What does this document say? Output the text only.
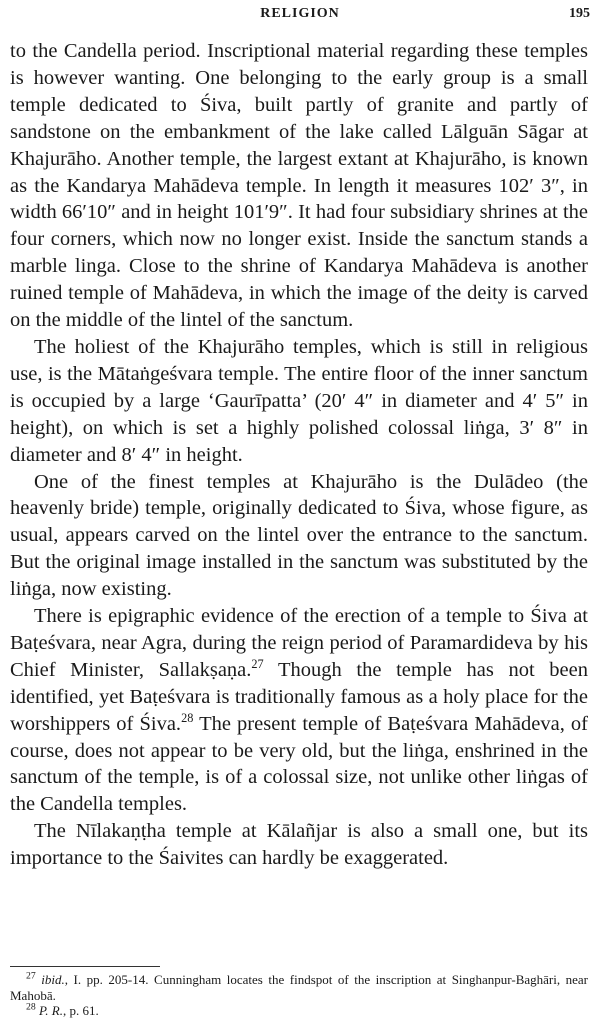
RELIGION	195

to the Candella period. Inscriptional material regarding these temples is however wanting. One belonging to the early group is a small temple dedicated to Śiva, built partly of granite and partly of sandstone on the embankment of the lake called Lālguān Sāgar at Khajurāho. Another temple, the largest extant at Khajurāho, is known as the Kandarya Mahādeva temple. In length it measures 102′ 3″, in width 66′10″ and in height 101′9″. It had four subsidiary shrines at the four corners, which now no longer exist. Inside the sanctum stands a marble linga. Close to the shrine of Kandarya Mahādeva is another ruined temple of Mahādeva, in which the image of the deity is carved on the middle of the lintel of the sanctum.

The holiest of the Khajurāho temples, which is still in religious use, is the Mātaṅgeśvara temple. The entire floor of the inner sanctum is occupied by a large ‘Gaurīpatta’ (20′ 4″ in diameter and 4′ 5″ in height), on which is set a highly polished colossal liṅga, 3′ 8″ in diameter and 8′ 4″ in height.

One of the finest temples at Khajurāho is the Dulādeo (the heavenly bride) temple, originally dedicated to Śiva, whose figure, as usual, appears carved on the lintel over the entrance to the sanctum. But the original image installed in the sanctum was substituted by the liṅga, now existing.

There is epigraphic evidence of the erection of a temple to Śiva at Baṭeśvara, near Agra, during the reign period of Paramardideva by his Chief Minister, Sallakṣaṇa.$^{27}$ Though the temple has not been identified, yet Baṭeśvara is traditionally famous as a holy place for the worshippers of Śiva.$^{28}$ The present temple of Baṭeśvara Mahādeva, of course, does not appear to be very old, but the liṅga, enshrined in the sanctum of the temple, is of a colossal size, not unlike other liṅgas of the Candella temples.

The Nīlakaṇṭha temple at Kālañjar is also a small one, but its importance to the Śaivites can hardly be exaggerated.

$^{27}$ ibid., I. pp. 205-14. Cunningham locates the findspot of the inscription at Singhanpur-Baghāri, near Mahobā.

$^{28}$ P. R., p. 61.
